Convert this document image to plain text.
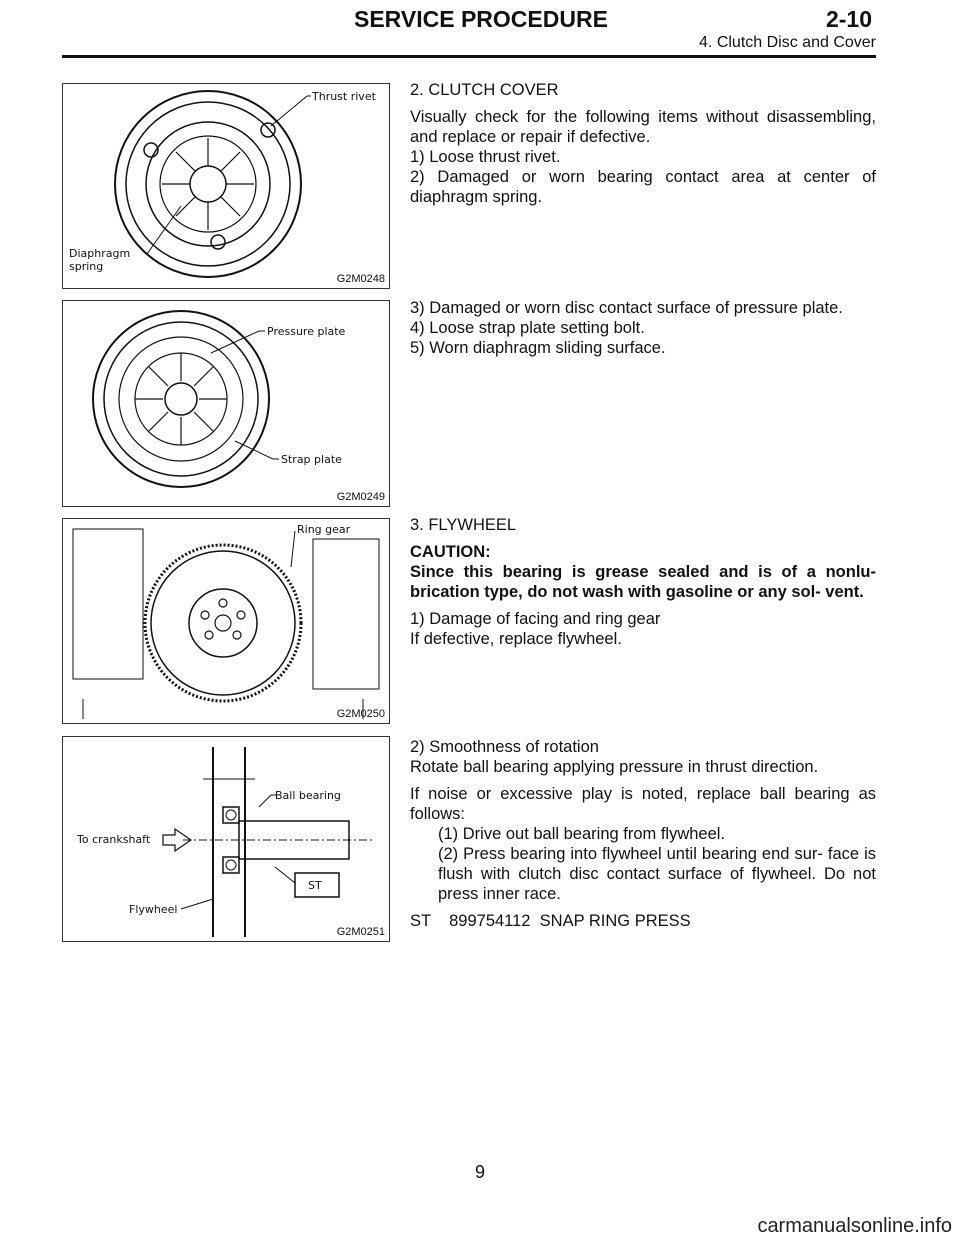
SERVICE PROCEDURE	2-10
4. Clutch Disc and Cover
Thrust rivet
Diaphragm
spring
G2M0248
Pressure plate
Strap plate
G2M0249
Ring gear
G2M0250
Ball bearing
To crankshaft
ST
Flywheel
G2M0251

2. CLUTCH COVER

Visually check for the following items without disassembling, and replace or repair if defective.

1) Loose thrust rivet.

2) Damaged or worn bearing contact area at center of diaphragm spring.

3) Damaged or worn disc contact surface of pressure plate.

4) Loose strap plate setting bolt.

5) Worn diaphragm sliding surface.

3. FLYWHEEL

CAUTION:

Since this bearing is grease sealed and is of a nonlu- brication type, do not wash with gasoline or any sol- vent.

1) Damage of facing and ring gear

If defective, replace flywheel.

2) Smoothness of rotation

Rotate ball bearing applying pressure in thrust direction.

If noise or excessive play is noted, replace ball bearing as follows:

(1) Drive out ball bearing from flywheel.

(2) Press bearing into flywheel until bearing end sur- face is flush with clutch disc contact surface of flywheel. Do not press inner race.

ST    899754112  SNAP RING PRESS

9
carmanualsonline.info
